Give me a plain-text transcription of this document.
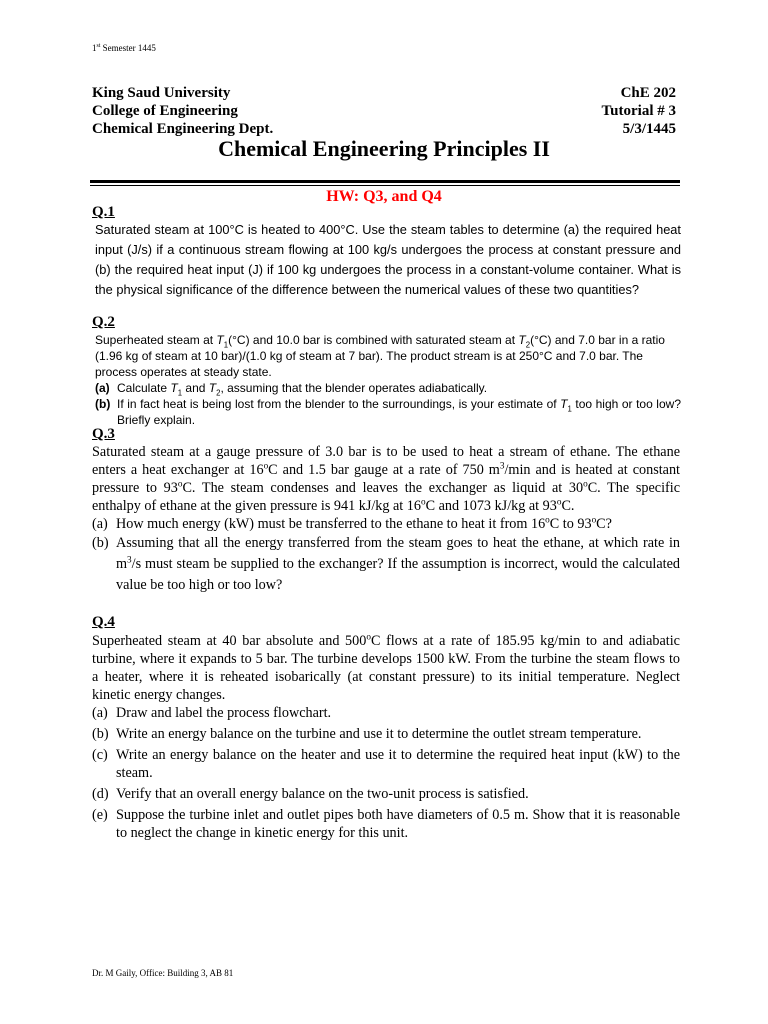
1st Semester 1445
King Saud University
College of Engineering
Chemical Engineering Dept.
ChE 202
Tutorial # 3
5/3/1445
Chemical Engineering Principles II
HW: Q3, and Q4
Q.1
Saturated steam at 100°C is heated to 400°C. Use the steam tables to determine (a) the required heat input (J/s) if a continuous stream flowing at 100 kg/s undergoes the process at constant pressure and (b) the required heat input (J) if 100 kg undergoes the process in a constant-volume container. What is the physical significance of the difference between the numerical values of these two quantities?
Q.2

Superheated steam at $T_1(^\circ C)$ and 10.0 bar is combined with saturated steam at $T_2(^\circ C)$ and 7.0 bar in a ratio (1.96 kg of steam at 10 bar)/(1.0 kg of steam at 7 bar). The product stream is at 250°C and 7.0 bar. The process operates at steady state.

(a) Calculate $T_1$ and $T_2$, assuming that the blender operates adiabatically.
(b) If in fact heat is being lost from the blender to the surroundings, is your estimate of $T_1$ too high or too low? Briefly explain.
Q.3

Saturated steam at a gauge pressure of 3.0 bar is to be used to heat a stream of ethane. The ethane enters a heat exchanger at 16$^o$C and 1.5 bar gauge at a rate of 750 $m^3/\min$ and is heated at constant pressure to 93$^o$C. The steam condenses and leaves the exchanger as liquid at 30$^o$C. The specific enthalpy of ethane at the given pressure is 941 kJ/kg at 16$^o$C and 1073 kJ/kg at 93$^o$C.

(a) How much energy (kW) must be transferred to the ethane to heat it from 16$^o$C to 93$^o$C?
(b) Assuming that all the energy transferred from the steam goes to heat the ethane, at which rate in $m^3/s$ must steam be supplied to the exchanger? If the assumption is incorrect, would the calculated value be too high or too low?
Q.4

Superheated steam at 40 bar absolute and 500$^o$C flows at a rate of 185.95 kg/min to and adiabatic turbine, where it expands to 5 bar. The turbine develops 1500 kW. From the turbine the steam flows to a heater, where it is reheated isobarically (at constant pressure) to its initial temperature. Neglect kinetic energy changes.

(a) Draw and label the process flowchart.
(b) Write an energy balance on the turbine and use it to determine the outlet stream temperature.
(c) Write an energy balance on the heater and use it to determine the required heat input (kW) to the steam.
(d) Verify that an overall energy balance on the two-unit process is satisfied.
(e) Suppose the turbine inlet and outlet pipes both have diameters of 0.5 m. Show that it is reasonable to neglect the change in kinetic energy for this unit.
Dr. M Gaily, Office: Building 3, AB 81
